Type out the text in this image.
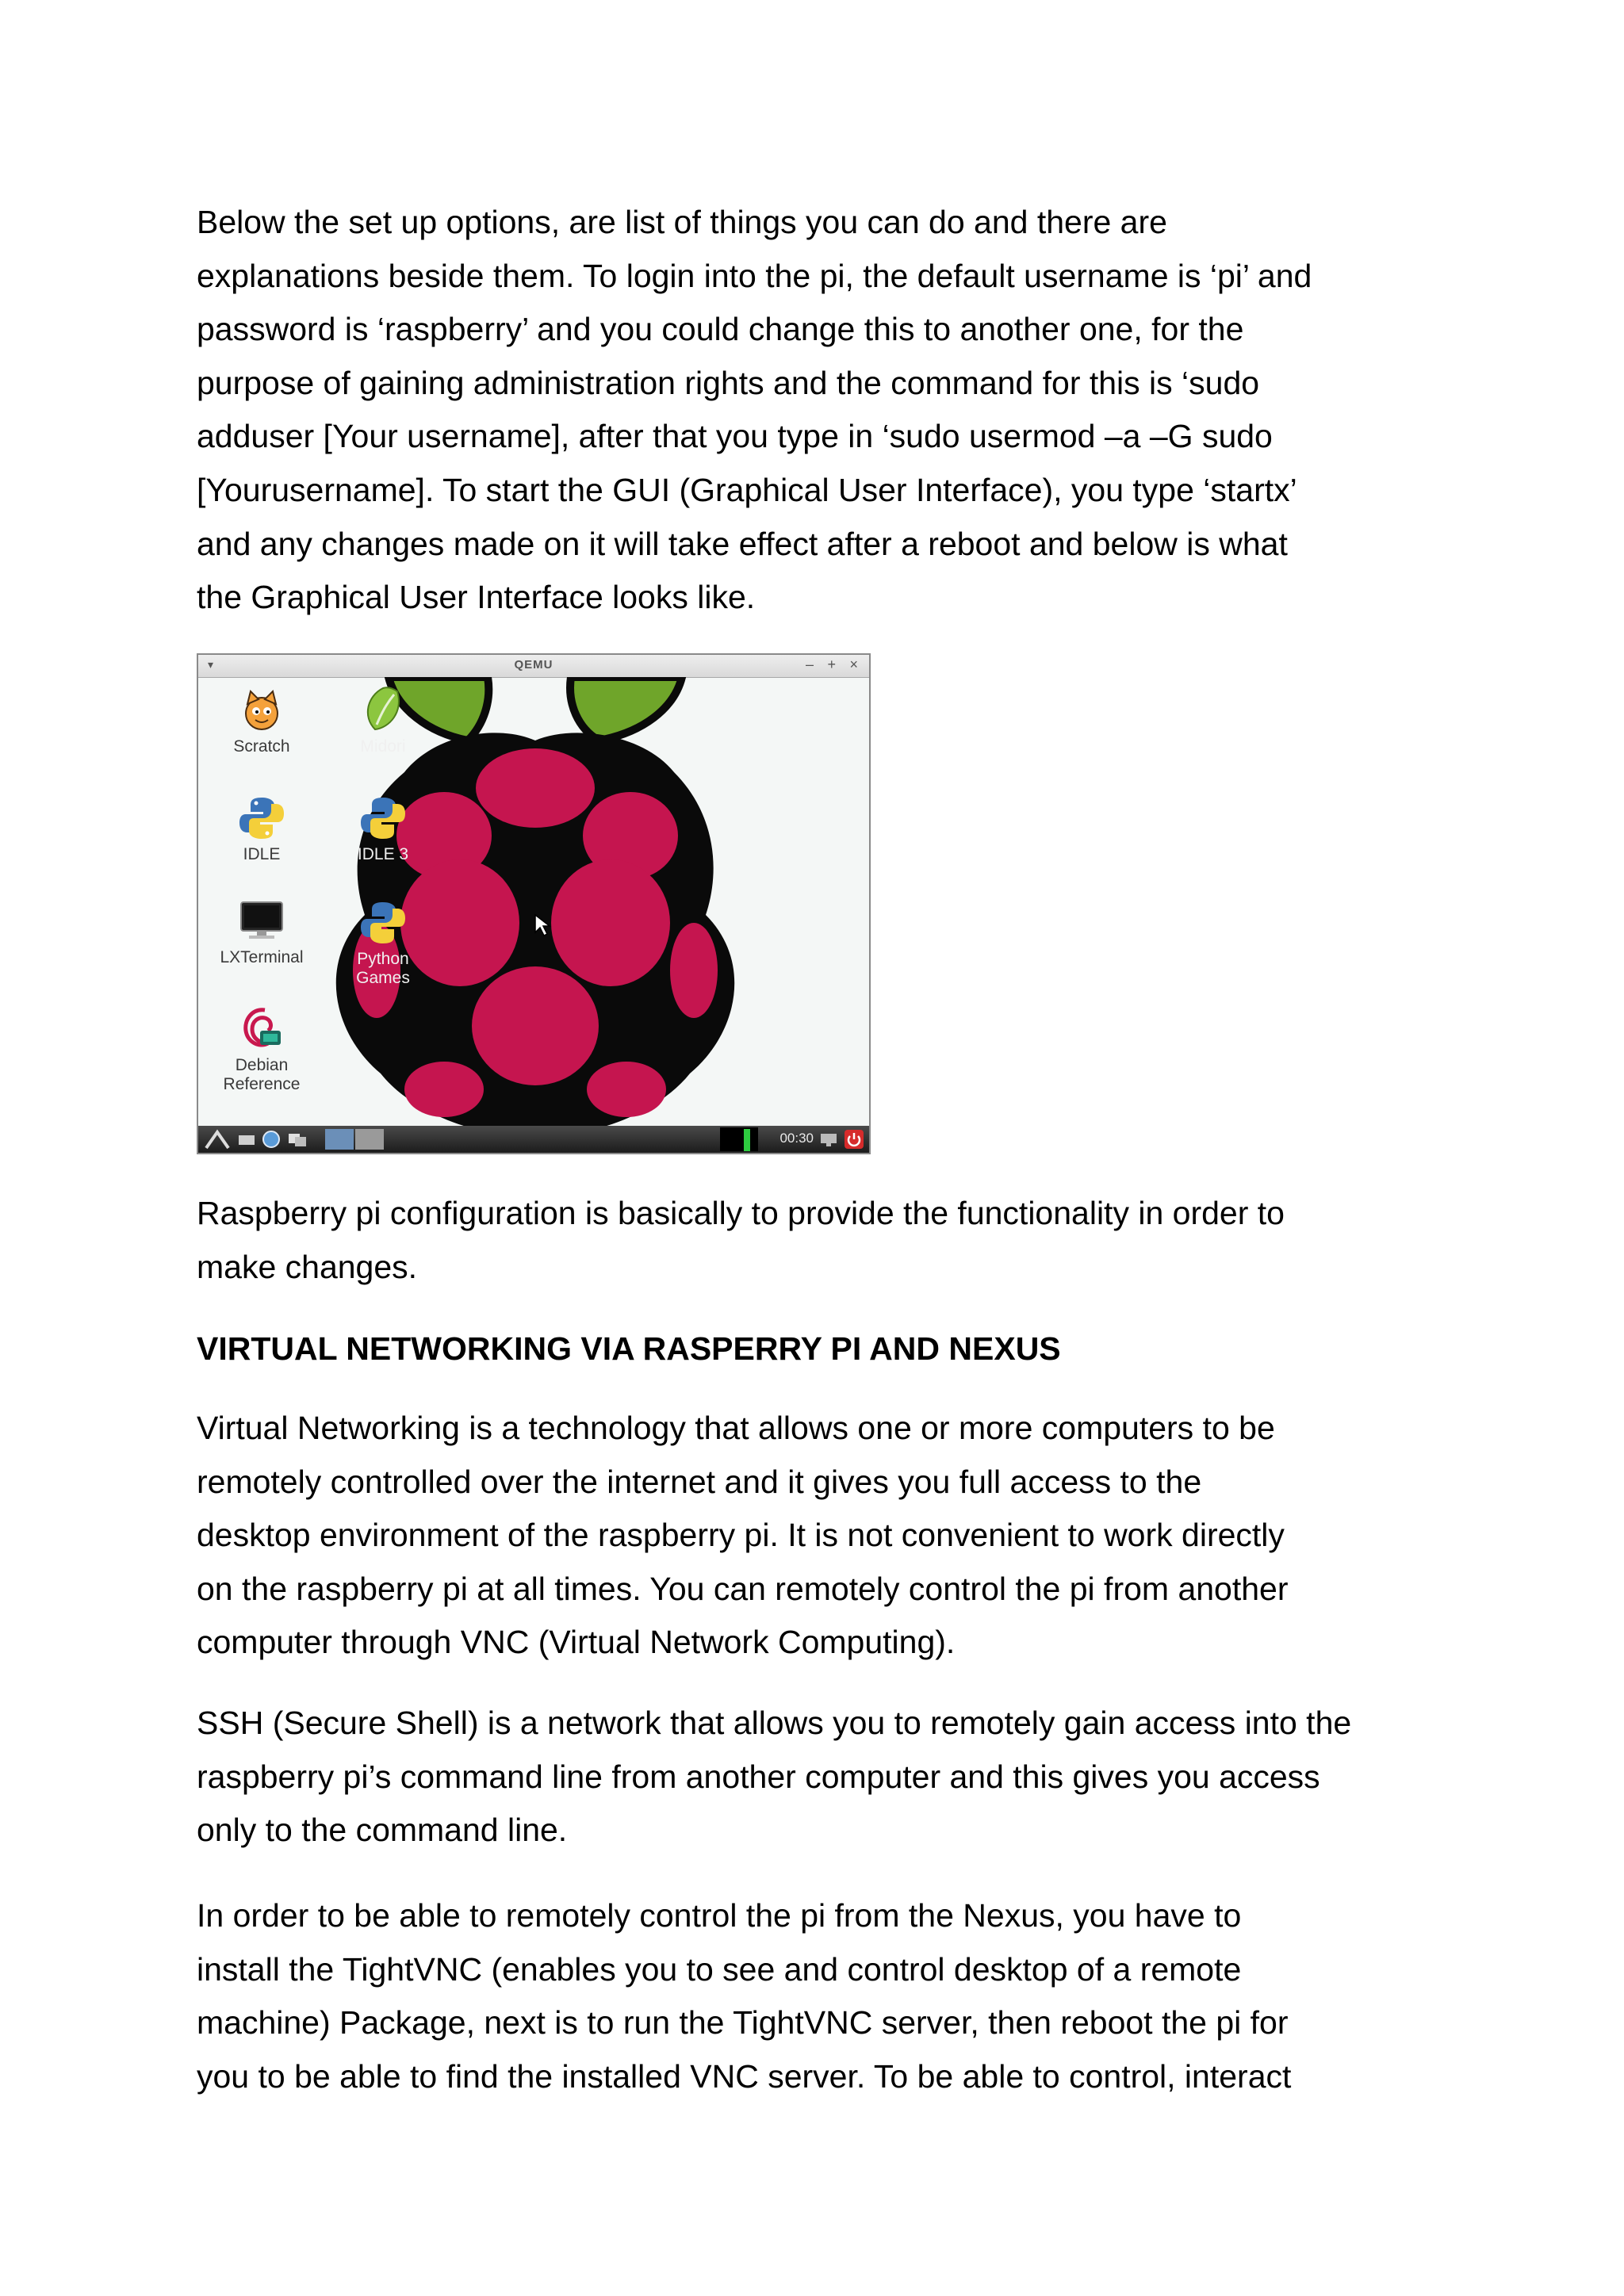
Below the set up options, are list of things you can do and there are
explanations beside them. To login into the pi, the default username is ‘pi’ and
password is ‘raspberry’ and you could change this to another one, for the
purpose of gaining administration rights and the command for this is ‘sudo
adduser [Your username], after that you type in ‘sudo usermod –a –G sudo
[Yourusername]. To start the GUI (Graphical User Interface), you type ‘startx’
and any changes made on it will take effect after a reboot and below is what
the Graphical User Interface looks like.

▾	QEMU	– + ×
Scratch	Midori
IDLE	IDLE 3
LXTerminal	Python Games
Debian Reference
00:30

Raspberry pi configuration is basically to provide the functionality in order to
make changes.

VIRTUAL NETWORKING VIA RASPERRY PI AND NEXUS

Virtual Networking is a technology that allows one or more computers to be
remotely controlled over the internet and it gives you full access to the
desktop environment of the raspberry pi. It is not convenient to work directly
on the raspberry pi at all times. You can remotely control the pi from another
computer through VNC (Virtual Network Computing).

SSH (Secure Shell) is a network that allows you to remotely gain access into the
raspberry pi’s command line from another computer and this gives you access
only to the command line.

In order to be able to remotely control the pi from the Nexus, you have to
install the TightVNC (enables you to see and control desktop of a remote
machine) Package, next is to run the TightVNC server, then reboot the pi for
you to be able to find the installed VNC server. To be able to control, interact
